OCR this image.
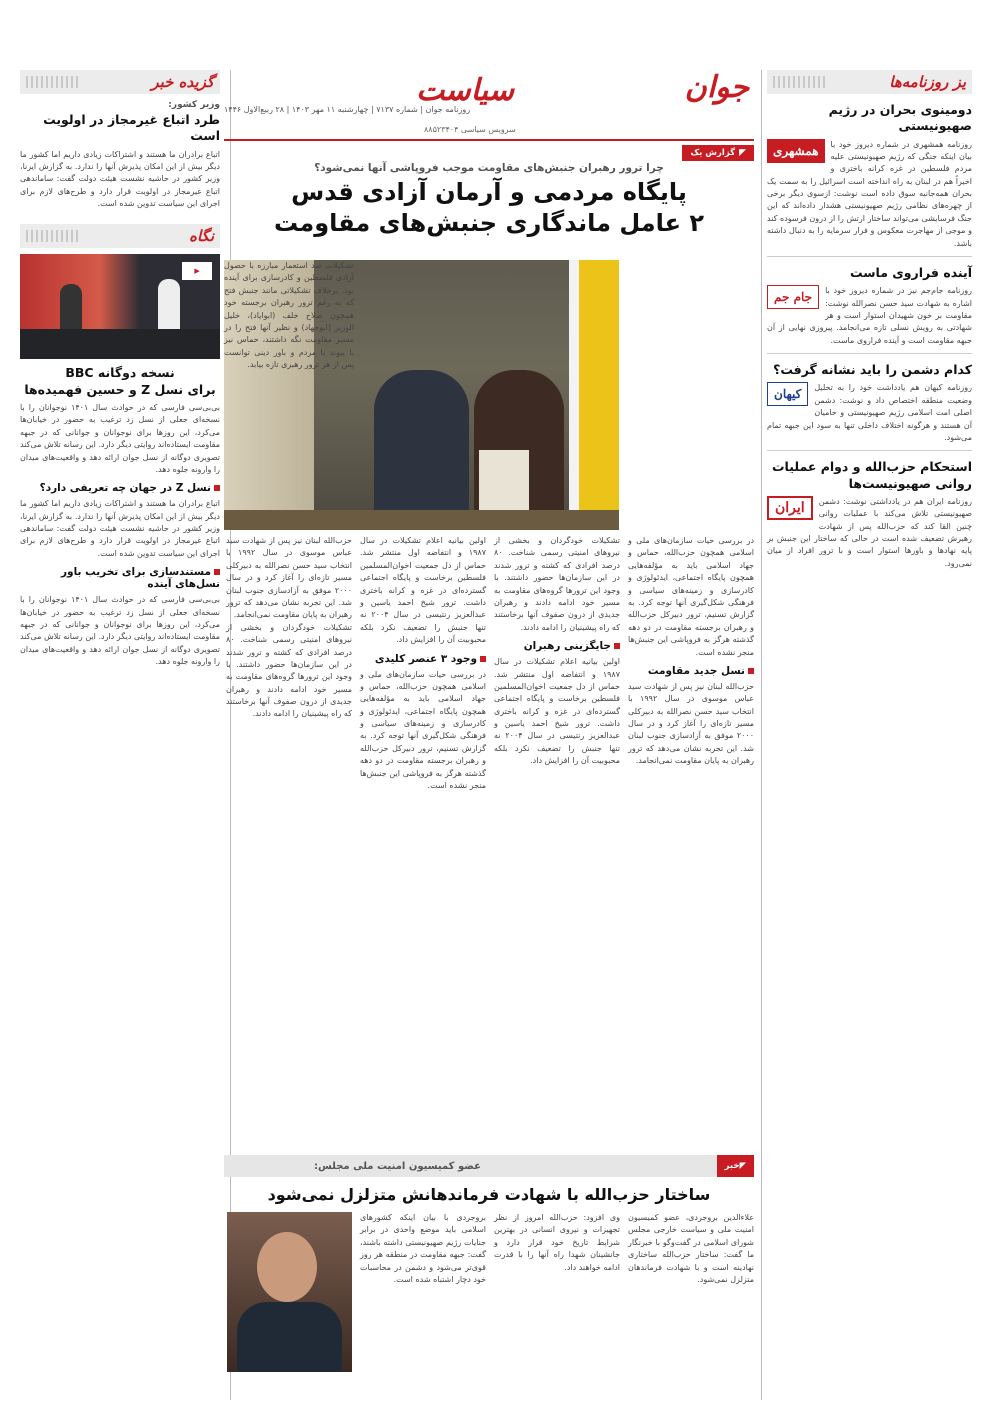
یز روزنامه‌ها
دومینوی بحران در رژیم صهیونیستی
همشهری	روزنامه همشهری در شماره دیروز خود با بیان اینکه جنگی که رژیم صهیونیستی علیه مردم فلسطین در غزه کرانه باختری و اخیراً هم در لبنان به راه انداخته است اسرائیل را به سمت یک بحران همه‌جانبه سوق داده است نوشت: ازسوی دیگر برخی از چهره‌های نظامی رژیم صهیونیستی هشدار داده‌اند که این جنگ فرسایشی می‌تواند ساختار ارتش را از درون فرسوده کند و موجی از مهاجرت معکوس و فرار سرمایه را به دنبال داشته باشد.

آینده فراروی ماست
جام جم	روزنامه جام‌جم نیز در شماره دیروز خود با اشاره به شهادت سید حسن نصرالله نوشت: مقاومت بر خون شهیدان استوار است و هر شهادتی به رویش نسلی تازه می‌انجامد. پیروزی نهایی از آن جبهه مقاومت است و آینده فراروی ماست.

کدام دشمن را باید نشانه گرفت؟
کیهان	روزنامه کیهان هم یادداشت خود را به تحلیل وضعیت منطقه اختصاص داد و نوشت: دشمن اصلی امت اسلامی رژیم صهیونیستی و حامیان آن هستند و هرگونه اختلاف داخلی تنها به سود این جبهه تمام می‌شود.

استحکام حزب‌الله و دوام عملیات روانی صهیونیست‌ها
ایران	روزنامه ایران هم در یادداشتی نوشت: دشمن صهیونیستی تلاش می‌کند با عملیات روانی چنین القا کند که حزب‌الله پس از شهادت رهبرش تضعیف شده است در حالی که ساختار این جنبش بر پایه نهادها و باورها استوار است و با ترور افراد از میان نمی‌رود.

جوان
سیاست
روزنامه جوان | شماره ۷۱۳۷ | چهارشنبه ۱۱ مهر ۱۴۰۳ | ۲۸ ربیع‌الاول ۱۴۴۶
سرویس سیاسی ۸۸۵۲۳۴۰۴
◤
گزارش یک
چرا ترور رهبران جنبش‌های مقاومت موجب فروپاشی آنها نمی‌شود؟
پایگاه مردمی و آرمان آزادی قدس
۲ عامل ماندگاری جنبش‌های مقاومت

تشکیلات ضد استعمار مبارزه با حصول آزادی فلسطین و کادرسازی برای آینده بود. برخلاف تشکیلاتی مانند جنبش فتح که به رغم ترور رهبران برجسته خود همچون صلاح خلف (ابوایاد)، خلیل الوزیر (ابوجهاد) و نظیر آنها فتح را در مسیر مقاومت نگه داشتند، حماس نیز با پیوند با مردم و باور دینی توانست پس از هر ترور رهبری تازه بیابد.

در بررسی حیات سازمان‌های ملی و اسلامی همچون حزب‌الله، حماس و جهاد اسلامی باید به مؤلفه‌هایی همچون پایگاه اجتماعی، ایدئولوژی و کادرسازی و زمینه‌های سیاسی و فرهنگی شکل‌گیری آنها توجه کرد. به گزارش تسنیم، ترور دبیرکل حزب‌الله و رهبران برجسته مقاومت در دو دهه گذشته هرگز به فروپاشی این جنبش‌ها منجر نشده است.

نسل جدید مقاومت

حزب‌الله لبنان نیز پس از شهادت سید عباس موسوی در سال ۱۹۹۲ با انتخاب سید حسن نصرالله به دبیرکلی مسیر تازه‌ای را آغاز کرد و در سال ۲۰۰۰ موفق به آزادسازی جنوب لبنان شد. این تجربه نشان می‌دهد که ترور رهبران به پایان مقاومت نمی‌انجامد.

تشکیلات خودگردان و بخشی از نیروهای امنیتی رسمی شناخت. ۸۰ درصد افرادی که کشته و ترور شدند در این سازمان‌ها حضور داشتند. با وجود این ترورها گروه‌های مقاومت به مسیر خود ادامه دادند و رهبران جدیدی از درون صفوف آنها برخاستند که راه پیشینیان را ادامه دادند.

جایگزینی رهبران

اولین بیانیه اعلام تشکیلات در سال ۱۹۸۷ و انتفاضه اول منتشر شد. حماس از دل جمعیت اخوان‌المسلمین فلسطین برخاست و پایگاه اجتماعی گسترده‌ای در غزه و کرانه باختری داشت. ترور شیخ احمد یاسین و عبدالعزیز رنتیسی در سال ۲۰۰۴ نه تنها جنبش را تضعیف نکرد بلکه محبوبیت آن را افزایش داد.

اولین بیانیه اعلام تشکیلات در سال ۱۹۸۷ و انتفاضه اول منتشر شد. حماس از دل جمعیت اخوان‌المسلمین فلسطین برخاست و پایگاه اجتماعی گسترده‌ای در غزه و کرانه باختری داشت. ترور شیخ احمد یاسین و عبدالعزیز رنتیسی در سال ۲۰۰۴ نه تنها جنبش را تضعیف نکرد بلکه محبوبیت آن را افزایش داد.

وجود ۳ عنصر کلیدی

در بررسی حیات سازمان‌های ملی و اسلامی همچون حزب‌الله، حماس و جهاد اسلامی باید به مؤلفه‌هایی همچون پایگاه اجتماعی، ایدئولوژی و کادرسازی و زمینه‌های سیاسی و فرهنگی شکل‌گیری آنها توجه کرد. به گزارش تسنیم، ترور دبیرکل حزب‌الله و رهبران برجسته مقاومت در دو دهه گذشته هرگز به فروپاشی این جنبش‌ها منجر نشده است.

حزب‌الله لبنان نیز پس از شهادت سید عباس موسوی در سال ۱۹۹۲ با انتخاب سید حسن نصرالله به دبیرکلی مسیر تازه‌ای را آغاز کرد و در سال ۲۰۰۰ موفق به آزادسازی جنوب لبنان شد. این تجربه نشان می‌دهد که ترور رهبران به پایان مقاومت نمی‌انجامد.

تشکیلات خودگردان و بخشی از نیروهای امنیتی رسمی شناخت. ۸۰ درصد افرادی که کشته و ترور شدند در این سازمان‌ها حضور داشتند. با وجود این ترورها گروه‌های مقاومت به مسیر خود ادامه دادند و رهبران جدیدی از درون صفوف آنها برخاستند که راه پیشینیان را ادامه دادند.

◤
خبر
عضو کمیسیون امنیت ملی مجلس:
ساختار حزب‌الله با شهادت فرماندهانش متزلزل نمی‌شود

علاءالدین بروجردی، عضو کمیسیون امنیت ملی و سیاست خارجی مجلس شورای اسلامی در گفت‌وگو با خبرنگار ما گفت: ساختار حزب‌الله ساختاری نهادینه است و با شهادت فرماندهان متزلزل نمی‌شود.

وی افزود: حزب‌الله امروز از نظر تجهیزات و نیروی انسانی در بهترین شرایط تاریخ خود قرار دارد و جانشینان شهدا راه آنها را با قدرت ادامه خواهند داد.

بروجردی با بیان اینکه کشورهای اسلامی باید موضع واحدی در برابر جنایات رژیم صهیونیستی داشته باشند، گفت: جبهه مقاومت در منطقه هر روز قوی‌تر می‌شود و دشمن در محاسبات خود دچار اشتباه شده است.

گزیده خبر
وزیر کشور:
طرد اتباع غیرمجاز در اولویت است

اتباع برادران ما هستند و اشتراکات زیادی داریم اما کشور ما دیگر بیش از این امکان پذیرش آنها را ندارد. به گزارش ایرنا، وزیر کشور در حاشیه نشست هیئت دولت گفت: ساماندهی اتباع غیرمجاز در اولویت قرار دارد و طرح‌های لازم برای اجرای این سیاست تدوین شده است.

نگاه
▶
نسخه دوگانه BBC
برای نسل Z و حسین فهمیده‌ها

بی‌بی‌سی فارسی که در حوادث سال ۱۴۰۱ نوجوانان را با نسخه‌ای جعلی از نسل زد ترغیب به حضور در خیابان‌ها می‌کرد، این روزها برای نوجوانان و جوانانی که در جبهه مقاومت ایستاده‌اند روایتی دیگر دارد. این رسانه تلاش می‌کند تصویری دوگانه از نسل جوان ارائه دهد و واقعیت‌های میدان را وارونه جلوه دهد.

نسل Z در جهان چه تعریفی دارد؟

اتباع برادران ما هستند و اشتراکات زیادی داریم اما کشور ما دیگر بیش از این امکان پذیرش آنها را ندارد. به گزارش ایرنا، وزیر کشور در حاشیه نشست هیئت دولت گفت: ساماندهی اتباع غیرمجاز در اولویت قرار دارد و طرح‌های لازم برای اجرای این سیاست تدوین شده است.

مستندسازی برای تخریب باور نسل‌های آینده

بی‌بی‌سی فارسی که در حوادث سال ۱۴۰۱ نوجوانان را با نسخه‌ای جعلی از نسل زد ترغیب به حضور در خیابان‌ها می‌کرد، این روزها برای نوجوانان و جوانانی که در جبهه مقاومت ایستاده‌اند روایتی دیگر دارد. این رسانه تلاش می‌کند تصویری دوگانه از نسل جوان ارائه دهد و واقعیت‌های میدان را وارونه جلوه دهد.
